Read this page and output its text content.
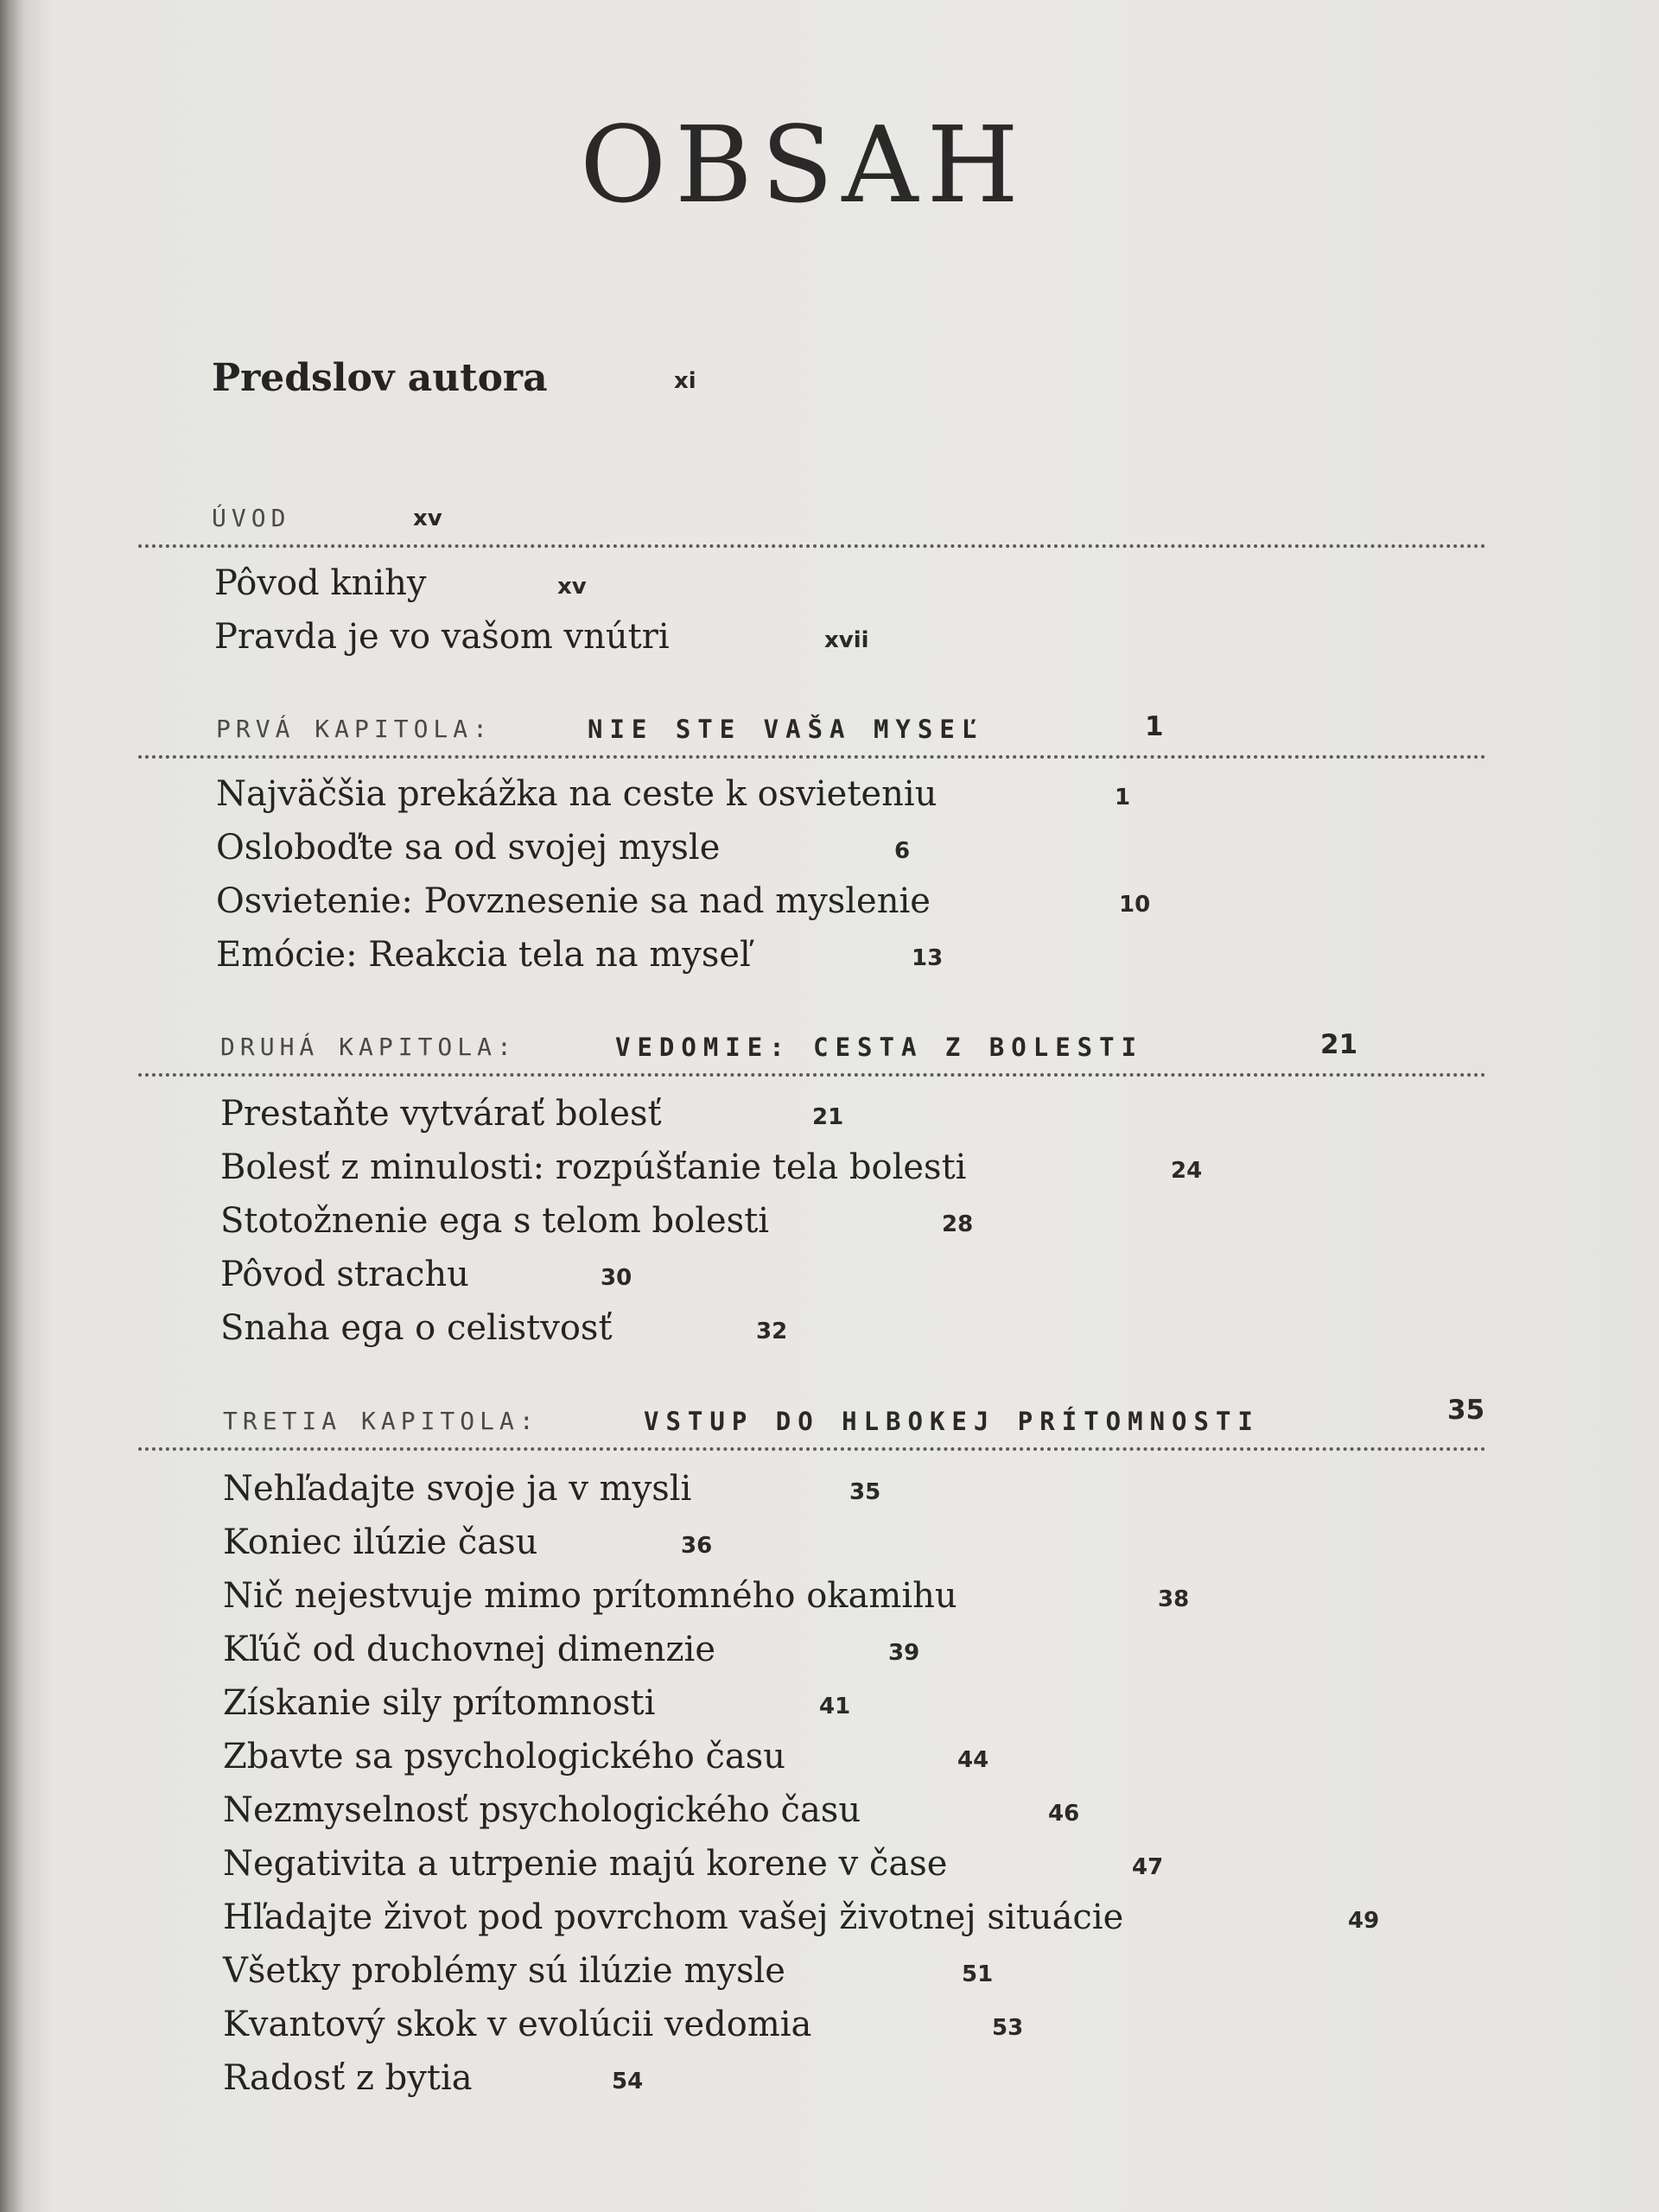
OBSAH
Predslov autora	xi
ÚVOD	xv
Pôvod knihy	xv
Pravda je vo vašom vnútri	xvii
PRVÁ KAPITOLA:	NIE STE VAŠA MYSEĽ	1
Najväčšia prekážka na ceste k osvieteniu	1
Osloboďte sa od svojej mysle	6
Osvietenie: Povznesenie sa nad myslenie	10
Emócie: Reakcia tela na myseľ	13
DRUHÁ KAPITOLA:	VEDOMIE: CESTA Z BOLESTI	21
Prestaňte vytvárať bolesť	21
Bolesť z minulosti: rozpúšťanie tela bolesti	24
Stotožnenie ega s telom bolesti	28
Pôvod strachu	30
Snaha ega o celistvosť	32
TRETIA KAPITOLA:	VSTUP DO HLBOKEJ PRÍTOMNOSTI	35
Nehľadajte svoje ja v mysli	35
Koniec ilúzie času	36
Nič nejestvuje mimo prítomného okamihu	38
Kľúč od duchovnej dimenzie	39
Získanie sily prítomnosti	41
Zbavte sa psychologického času	44
Nezmyselnosť psychologického času	46
Negativita a utrpenie majú korene v čase	47
Hľadajte život pod povrchom vašej životnej situácie	49
Všetky problémy sú ilúzie mysle	51
Kvantový skok v evolúcii vedomia	53
Radosť z bytia	54
